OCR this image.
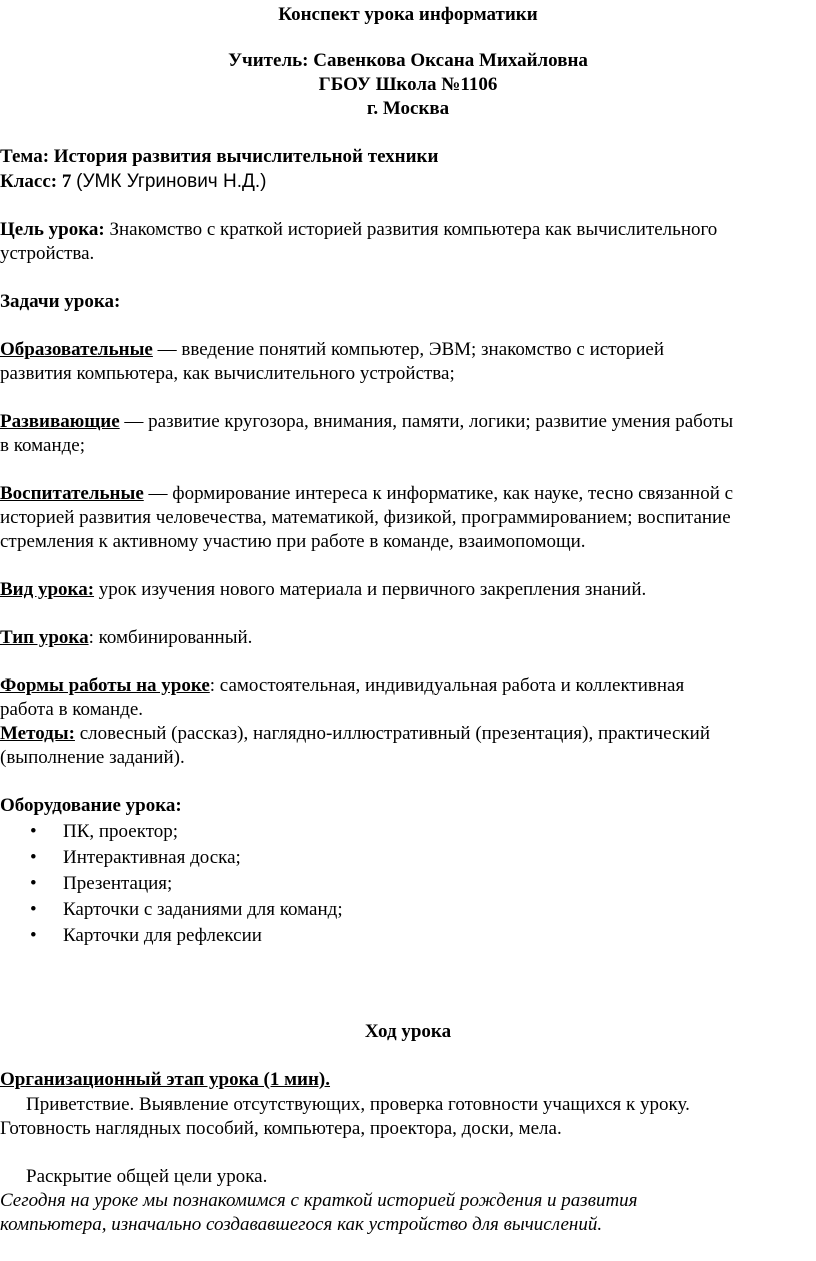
Конспект урока информатики
Учитель: Савенкова Оксана Михайловна
ГБОУ Школа №1106
г. Москва
Тема: История развития вычислительной техники
Класс: 7 (УМК Угринович Н.Д.)
Цель урока: Знакомство с краткой историей развития компьютера как вычислительного
устройства.
Задачи урока:
Образовательные — введение понятий компьютер, ЭВМ; знакомство с историей
развития компьютера, как вычислительного устройства;
Развивающие — развитие кругозора, внимания, памяти, логики; развитие умения работы
в команде;
Воспитательные — формирование интереса к информатике, как науке, тесно связанной с
историей развития человечества, математикой, физикой, программированием; воспитание
стремления к активному участию при работе в команде, взаимопомощи.
Вид урока: урок изучения нового материала и первичного закрепления знаний.
Тип урока: комбинированный.
Формы работы на уроке: самостоятельная, индивидуальная работа и коллективная
работа в команде.
Методы: словесный (рассказ), наглядно-иллюстративный (презентация), практический
(выполнение заданий).
Оборудование урока:
• ПК, проектор;
• Интерактивная доска;
• Презентация;
• Карточки с заданиями для команд;
• Карточки для рефлексии
Ход урока
Организационный этап урока (1 мин).
Приветствие. Выявление отсутствующих, проверка готовности учащихся к уроку.
Готовность наглядных пособий, компьютера, проектора, доски, мела.
Раскрытие общей цели урока.
Сегодня на уроке мы познакомимся с краткой историей рождения и развития
компьютера, изначально создававшегося как устройство для вычислений.
